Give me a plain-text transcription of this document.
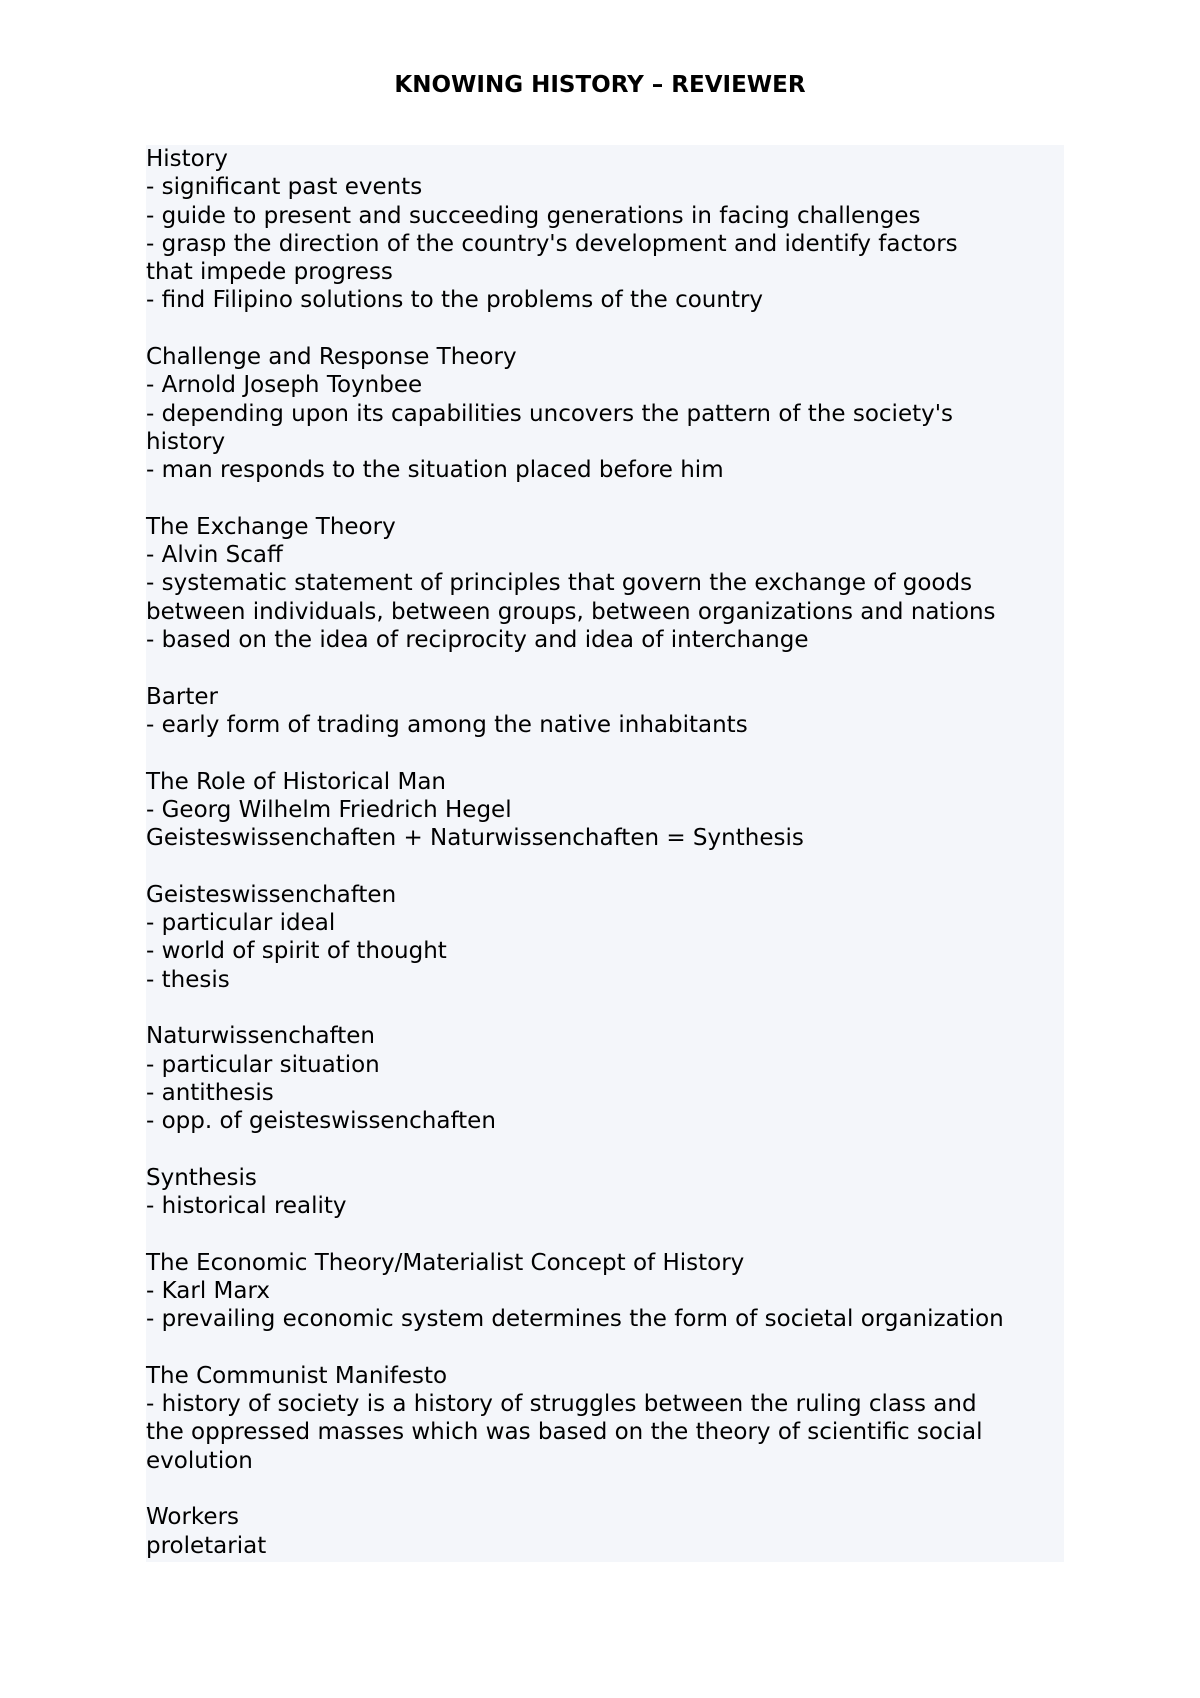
KNOWING HISTORY – REVIEWER
History
- significant past events
- guide to present and succeeding generations in facing challenges
- grasp the direction of the country's development and identify factors
that impede progress
- find Filipino solutions to the problems of the country
Challenge and Response Theory
- Arnold Joseph Toynbee
- depending upon its capabilities uncovers the pattern of the society's
history
- man responds to the situation placed before him
The Exchange Theory
- Alvin Scaff
- systematic statement of principles that govern the exchange of goods
between individuals, between groups, between organizations and nations
- based on the idea of reciprocity and idea of interchange
Barter
- early form of trading among the native inhabitants
The Role of Historical Man
- Georg Wilhelm Friedrich Hegel
Geisteswissenchaften + Naturwissenchaften = Synthesis
Geisteswissenchaften
- particular ideal
- world of spirit of thought
- thesis
Naturwissenchaften
- particular situation
- antithesis
- opp. of geisteswissenchaften
Synthesis
- historical reality
The Economic Theory/Materialist Concept of History
- Karl Marx
- prevailing economic system determines the form of societal organization
The Communist Manifesto
- history of society is a history of struggles between the ruling class and
the oppressed masses which was based on the theory of scientific social
evolution
Workers
proletariat
